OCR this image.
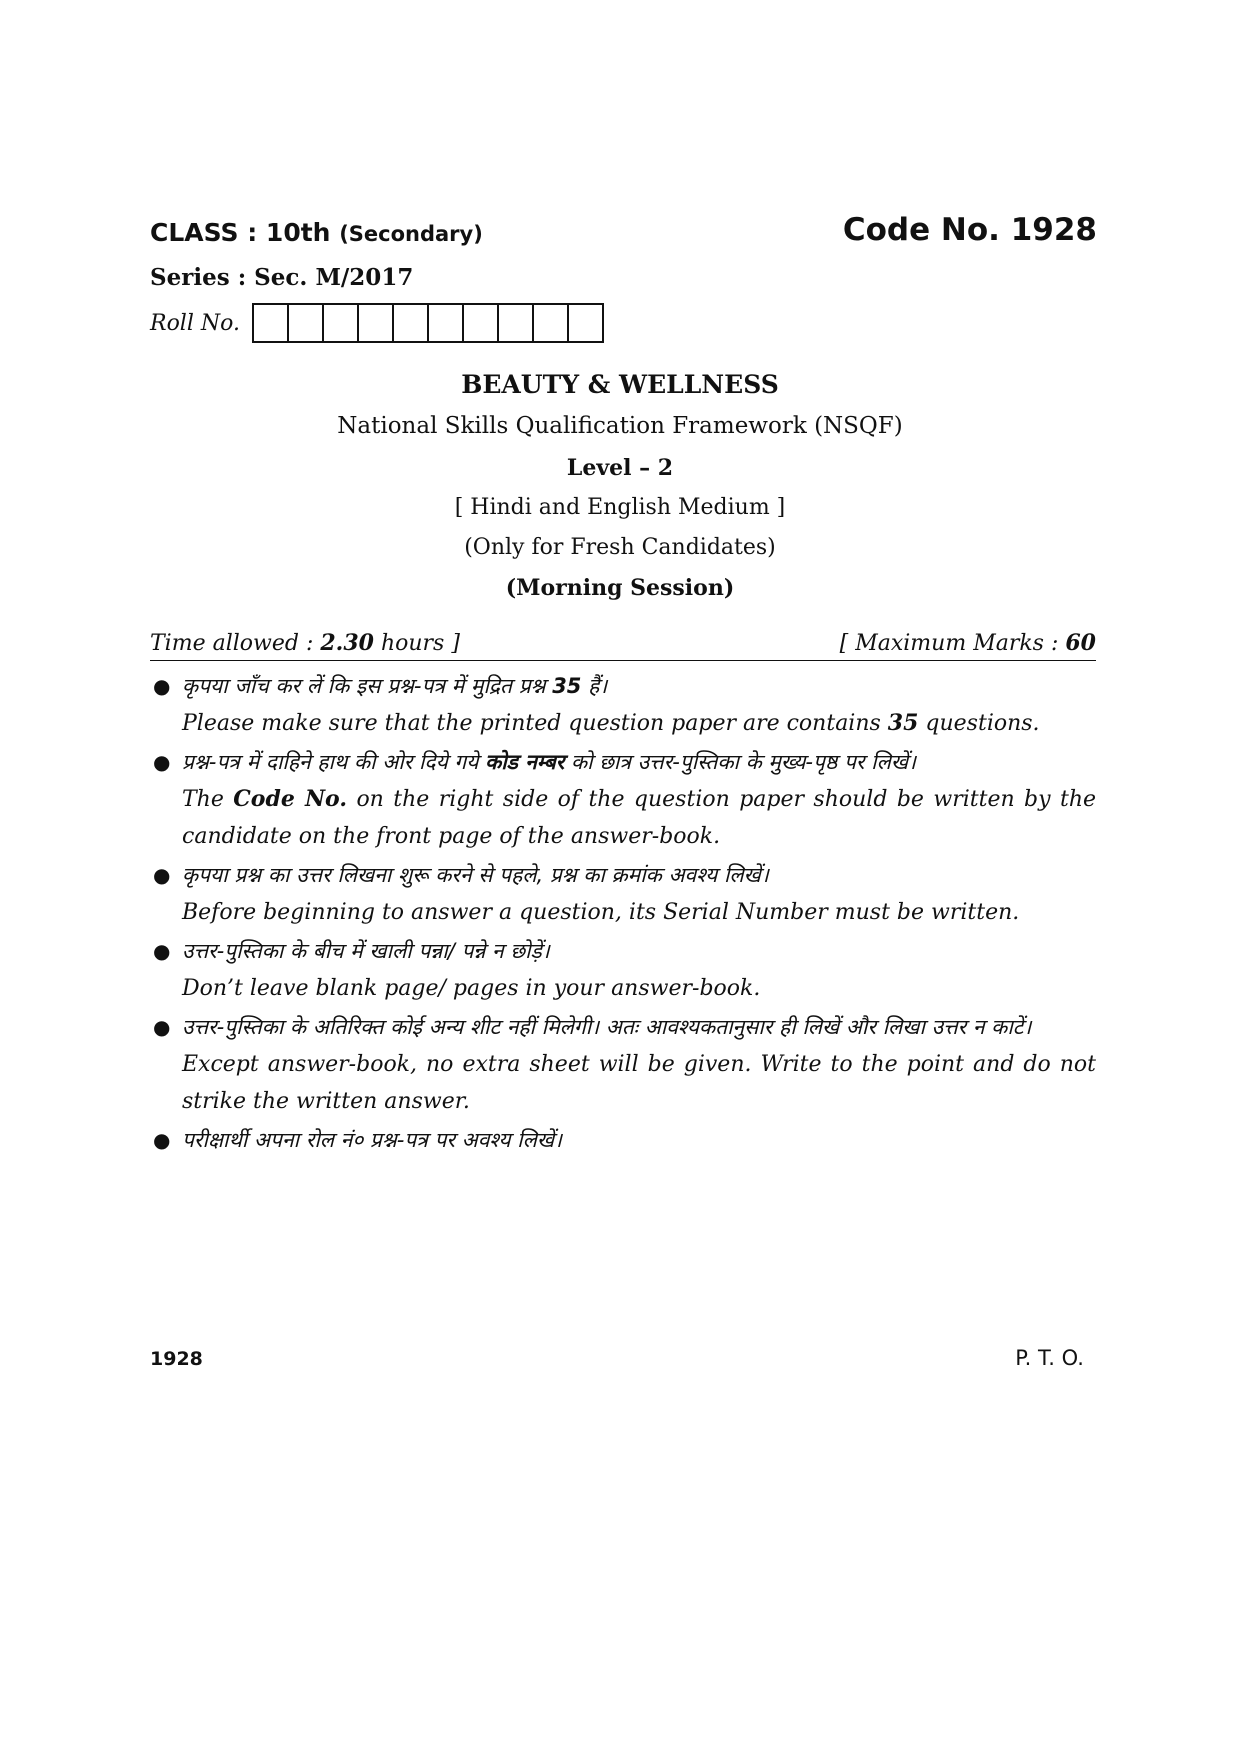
CLASS : 10th (Secondary)	Code No. 1928
Series : Sec. M/2017
Roll No.
BEAUTY & WELLNESS
National Skills Qualification Framework (NSQF)
Level – 2
[ Hindi and English Medium ]
(Only for Fresh Candidates)
(Morning Session)
Time allowed : 2.30 hours ]	[ Maximum Marks : 60
● कृपया जाँच कर लें कि इस प्रश्न-पत्र में मुद्रित प्रश्न 35 हैं।
Please make sure that the printed question paper are contains 35 questions.
● प्रश्न-पत्र में दाहिने हाथ की ओर दिये गये कोड नम्बर को छात्र उत्तर-पुस्तिका के मुख्य-पृष्ठ पर लिखें।
The Code No. on the right side of the question paper should be written by the candidate on the front page of the answer-book.
● कृपया प्रश्न का उत्तर लिखना शुरू करने से पहले, प्रश्न का क्रमांक अवश्य लिखें।
Before beginning to answer a question, its Serial Number must be written.
● उत्तर-पुस्तिका के बीच में खाली पन्ना/ पन्ने न छोड़ें।
Don’t leave blank page/ pages in your answer-book.
● उत्तर-पुस्तिका के अतिरिक्त कोई अन्य शीट नहीं मिलेगी। अतः आवश्यकतानुसार ही लिखें और लिखा उत्तर न काटें।
Except answer-book, no extra sheet will be given. Write to the point and do not strike the written answer.
● परीक्षार्थी अपना रोल नं० प्रश्न-पत्र पर अवश्य लिखें।
1928	P. T. O.
